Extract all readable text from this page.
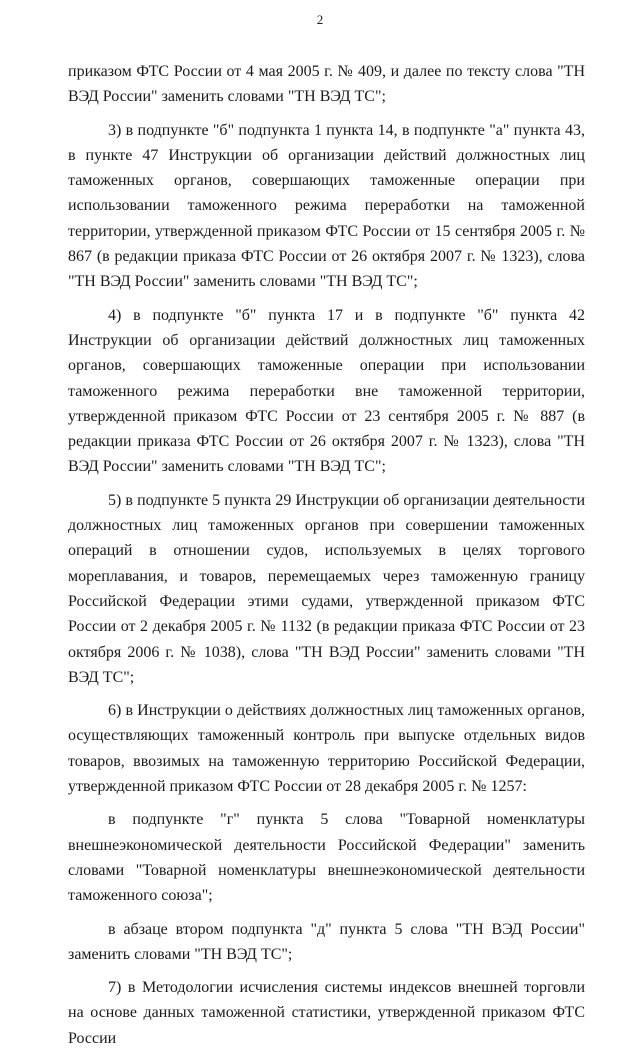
2

приказом ФТС России от 4 мая 2005 г. № 409, и далее по тексту слова "ТН ВЭД России" заменить словами "ТН ВЭД ТС";

3) в подпункте "б" подпункта 1 пункта 14, в подпункте "а" пункта 43, в пункте 47 Инструкции об организации действий должностных лиц таможенных органов, совершающих таможенные операции при использовании таможенного режима переработки на таможенной территории, утвержденной приказом ФТС России от 15 сентября 2005 г. № 867 (в редакции приказа ФТС России от 26 октября 2007 г. № 1323), слова "ТН ВЭД России" заменить словами "ТН ВЭД ТС";

4) в подпункте "б" пункта 17 и в подпункте "б" пункта 42 Инструкции об организации действий должностных лиц таможенных органов, совершающих таможенные операции при использовании таможенного режима переработки вне таможенной территории, утвержденной приказом ФТС России от 23 сентября 2005 г. № 887 (в редакции приказа ФТС России от 26 октября 2007 г. № 1323), слова "ТН ВЭД России" заменить словами "ТН ВЭД ТС";

5) в подпункте 5 пункта 29 Инструкции об организации деятельности должностных лиц таможенных органов при совершении таможенных операций в отношении судов, используемых в целях торгового мореплавания, и товаров, перемещаемых через таможенную границу Российской Федерации этими судами, утвержденной приказом ФТС России от 2 декабря 2005 г. № 1132 (в редакции приказа ФТС России от 23 октября 2006 г. № 1038), слова "ТН ВЭД России" заменить словами "ТН ВЭД ТС";

6) в Инструкции о действиях должностных лиц таможенных органов, осуществляющих таможенный контроль при выпуске отдельных видов товаров, ввозимых на таможенную территорию Российской Федерации, утвержденной приказом ФТС России от 28 декабря 2005 г. № 1257:

в подпункте "г" пункта 5 слова "Товарной номенклатуры внешнеэкономической деятельности Российской Федерации" заменить словами "Товарной номенклатуры внешнеэкономической деятельности таможенного союза";

в абзаце втором подпункта "д" пункта 5 слова "ТН ВЭД России" заменить словами "ТН ВЭД ТС";

7) в Методологии исчисления системы индексов внешней торговли на основе данных таможенной статистики, утвержденной приказом ФТС России
